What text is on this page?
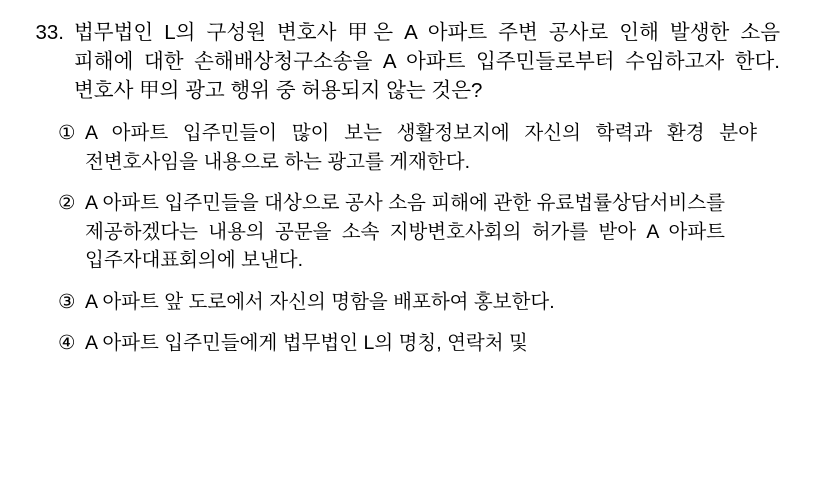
33. 법무법인 L의 구성원 변호사 甲은 A 아파트 주변 공사로 인해 발생한 소음 피해에 대한 손해배상청구소송을 A 아파트 입주민들로부터 수임하고자 한다. 변호사 甲의 광고 행위 중 허용되지 않는 것은?
① A 아파트 입주민들이 많이 보는 생활정보지에 자신의 학력과 환경 분야 전변호사임을 내용으로 하는 광고를 게재한다.
② A 아파트 입주민들을 대상으로 공사 소음 피해에 관한 유료법률상담서비스를 제공하겠다는 내용의 공문을 소속 지방변호사회의 허가를 받아 A 아파트 입주자대표회의에 보낸다.
③ A 아파트 앞 도로에서 자신의 명함을 배포하여 홍보한다.
④ A 아파트 입주민들에게 법무법인 L의 명칭, 연락처 및
